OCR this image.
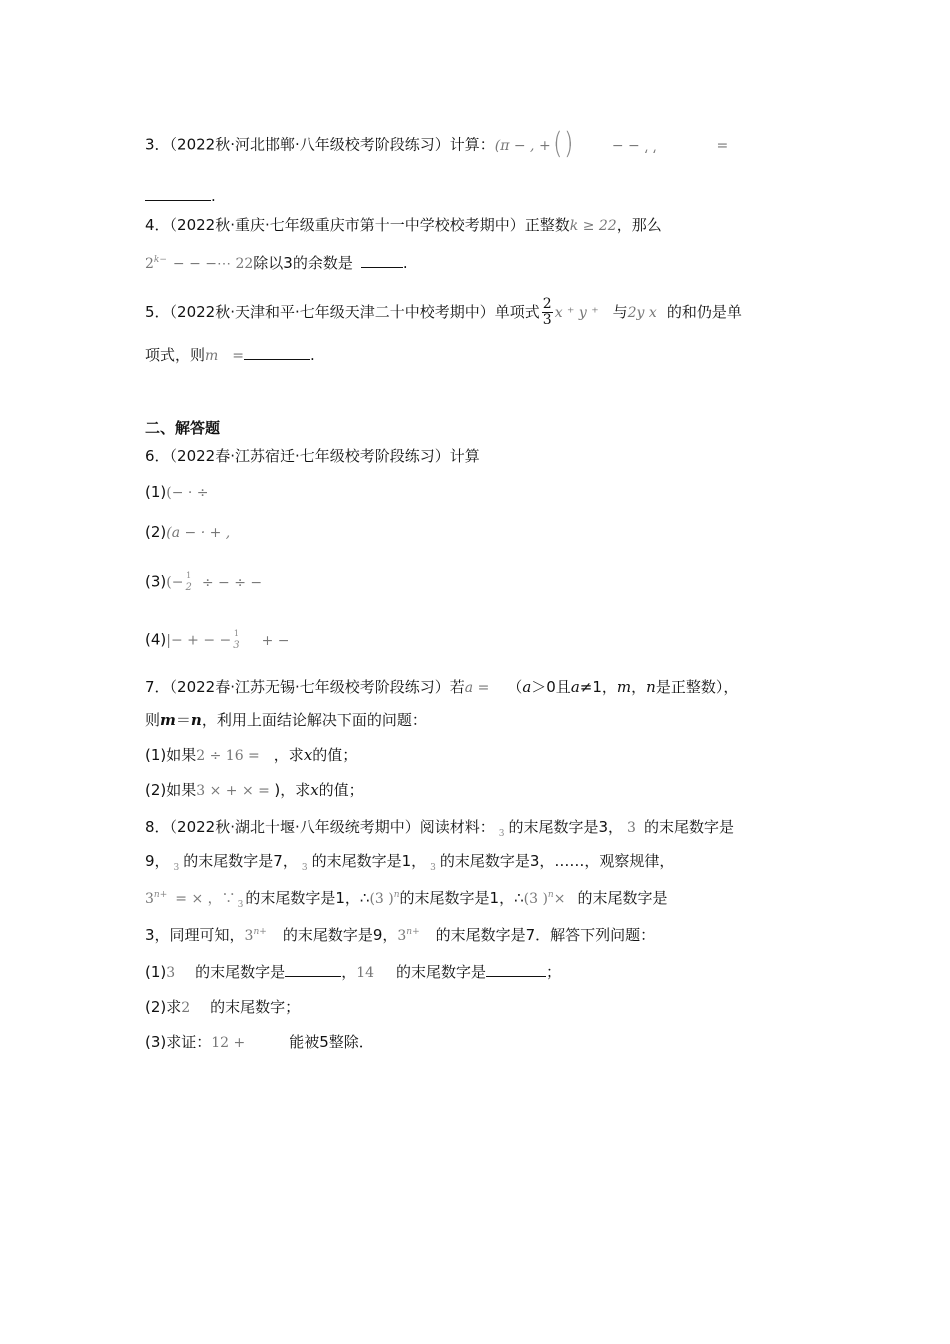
3．（2022秋·河北邯郸·八年级校考阶段练习）计算：(π − , + ⎛ ⎞
⎝ ⎠	− − ͵ ͵	=
.
4．（2022秋·重庆·七年级重庆市第十一中学校校考期中）正整数k ≥ 22，那么
$2^{k-}$ − − −⋯ 22除以3的余数是	.
5．（2022秋·天津和平·七年级天津二十中校考期中）单项式 $\frac{2}{3}$ x ⁺ y ⁺ 与2y x 的和仍是单
项式，则m =	.
二、解答题
6．（2022春·江苏宿迁·七年级校考阶段练习）计算
(1)(− · ÷
(2)(a − · + ,
(3)(− 1
2 ÷ − ÷ −
(4)|− + − − 1
3 + −
7．（2022春·江苏无锡·七年级校考阶段练习）若a = （a＞0且a≠1，m，n是正整数），
则m＝n，利用上面结论解决下面的问题：
(1)如果2 ÷ 16 = ，求x的值；
(2)如果3 × + × = )，求x的值；
8．（2022秋·湖北十堰·八年级统考期中）阅读材料： $_3$ 的末尾数字是3， 3 的末尾数字是
9， $_3$ 的末尾数字是7， $_3$ 的末尾数字是1， $_3$ 的末尾数字是3，……，观察规律，
$3^{n+}$ = × ，∵ $_3$ 的末尾数字是1，∴(3 )$^n$的末尾数字是1，∴(3 )$^n$× 的末尾数字是
3，同理可知，$3^{n+}$ 的末尾数字是9，$3^{n+}$ 的末尾数字是7．解答下列问题：
(1)3 的末尾数字是	，14 的末尾数字是	；
(2)求2 的末尾数字；
(3)求证：12 +	能被5整除．
